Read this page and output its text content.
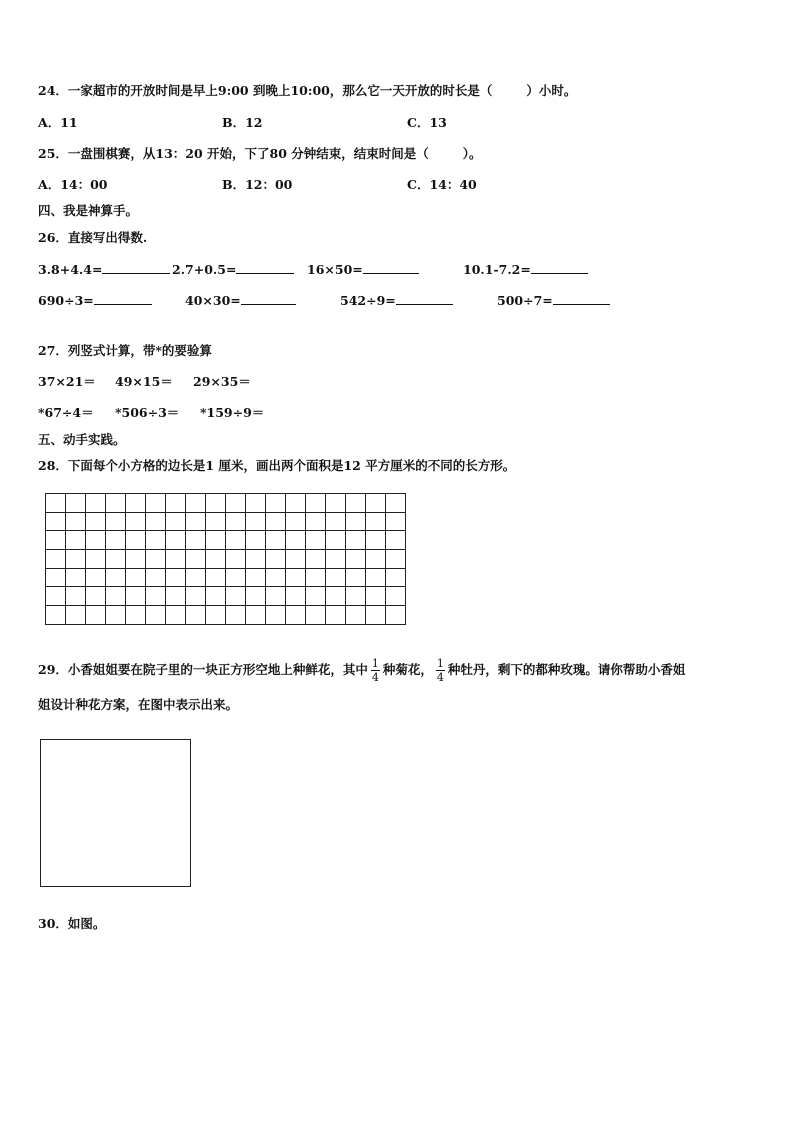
24．一家超市的开放时间是早上9:00 到晚上10:00，那么它一天开放的时长是（	）小时。
A．11	B．12	C．13
25．一盘围棋赛，从13：20 开始，下了80 分钟结束，结束时间是（	）。
A．14：00	B．12：00	C．14：40
四、我是神算手。
26．直接写出得数.
3.8+4.4=	2.7+0.5=	16×50=	10.1-7.2=
690÷3=	40×30=	542÷9=	500÷7=
27．列竖式计算，带*的要验算
37×21＝ 49×15＝ 29×35＝
*67÷4＝ *506÷3＝ *159÷9＝
五、动手实践。
28．下面每个小方格的边长是1 厘米，画出两个面积是12 平方厘米的不同的长方形。

29．小香姐姐要在院子里的一块正方形空地上种鲜花，其中 $\frac{1}{4}$ 种菊花， $\frac{1}{4}$ 种牡丹，剩下的都种玫瑰。请你帮助小香姐
姐设计种花方案，在图中表示出来。
30．如图。
